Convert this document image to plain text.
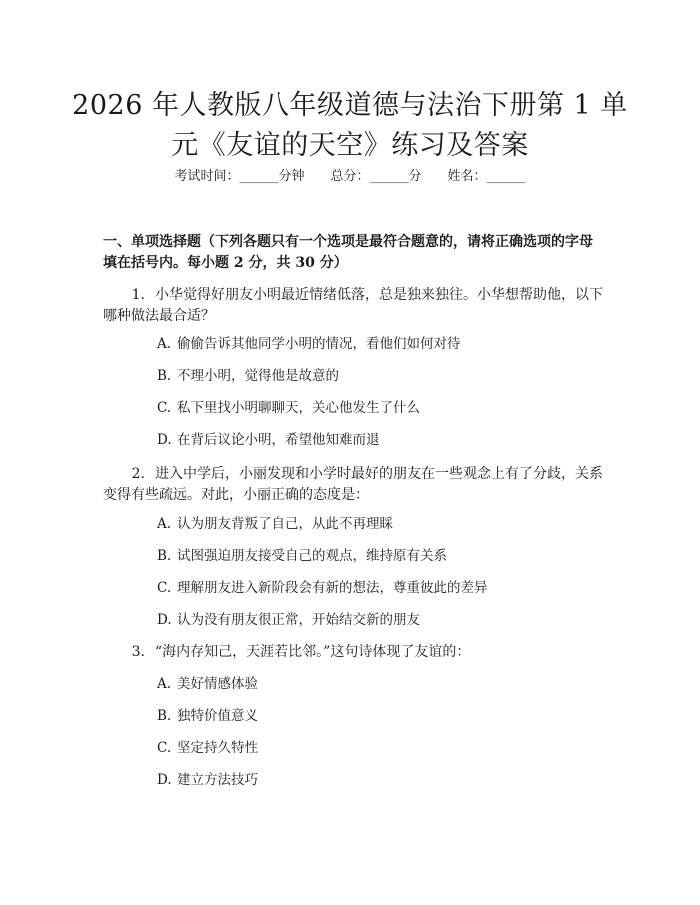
2026 年人教版八年级道德与法治下册第 1 单
元《友谊的天空》练习及答案
考试时间：______分钟 总分：______分 姓名：______
一、单项选择题（下列各题只有一个选项是最符合题意的，请将正确选项的字母
填在括号内。每小题 2 分，共 30 分）
1. 小华觉得好朋友小明最近情绪低落，总是独来独往。小华想帮助他，以下
哪种做法最合适？
A. 偷偷告诉其他同学小明的情况，看他们如何对待
B. 不理小明，觉得他是故意的
C. 私下里找小明聊聊天，关心他发生了什么
D. 在背后议论小明，希望他知难而退
2. 进入中学后，小丽发现和小学时最好的朋友在一些观念上有了分歧，关系
变得有些疏远。对此，小丽正确的态度是：
A. 认为朋友背叛了自己，从此不再理睬
B. 试图强迫朋友接受自己的观点，维持原有关系
C. 理解朋友进入新阶段会有新的想法，尊重彼此的差异
D. 认为没有朋友很正常，开始结交新的朋友
3. “海内存知己，天涯若比邻。”这句诗体现了友谊的：
A. 美好情感体验
B. 独特价值意义
C. 坚定持久特性
D. 建立方法技巧
